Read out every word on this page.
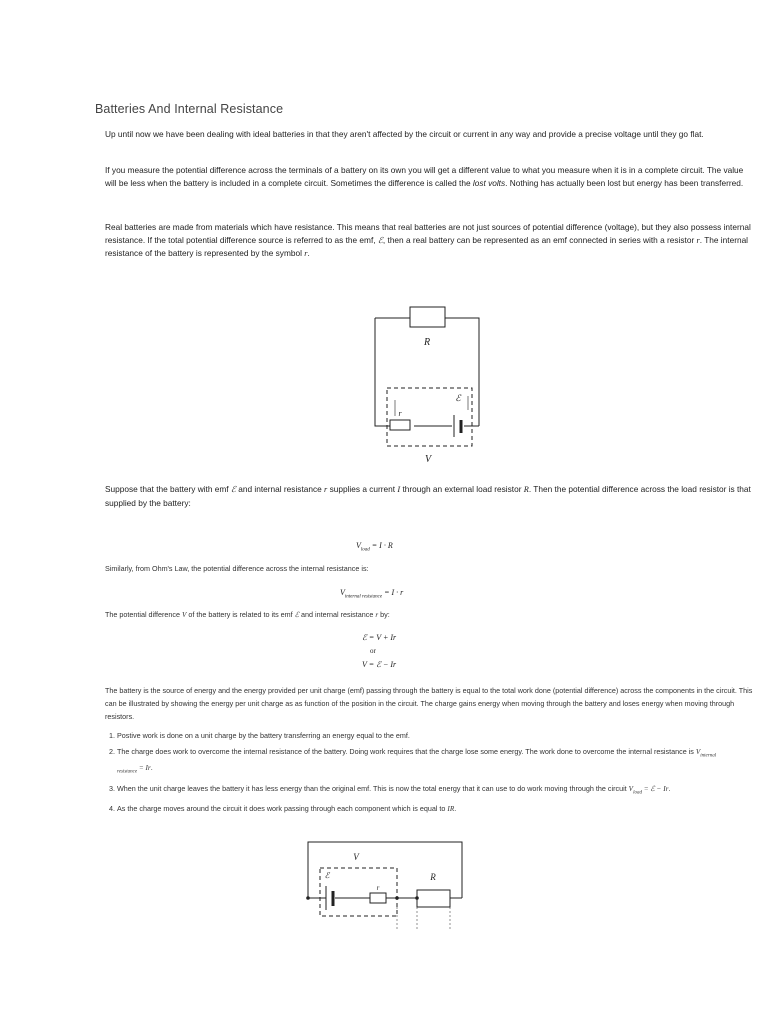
Batteries And Internal Resistance

Up until now we have been dealing with ideal batteries in that they aren't affected by the circuit or current in any way and provide a precise voltage until they go flat.

If you measure the potential difference across the terminals of a battery on its own you will get a different value to what you measure when it is in a complete circuit. The value will be less when the battery is included in a complete circuit. Sometimes the difference is called the lost volts. Nothing has actually been lost but energy has been transferred.

Real batteries are made from materials which have resistance. This means that real batteries are not just sources of potential difference (voltage), but they also possess internal resistance. If the total potential difference source is referred to as the emf, ℰ, then a real battery can be represented as an emf connected in series with a resistor r. The internal resistance of the battery is represented by the symbol r.

R
ℰ
r
V

Suppose that the battery with emf ℰ and internal resistance r supplies a current I through an external load resistor R. Then the potential difference across the load resistor is that supplied by the battery:

$V_{load} = I \cdot R$

Similarly, from Ohm's Law, the potential difference across the internal resistance is:

$V_{internal resistance} = I \cdot r$

The potential difference V of the battery is related to its emf ℰ and internal resistance r by:

ℰ = V + Ir
or
V = ℰ − Ir

The battery is the source of energy and the energy provided per unit charge (emf) passing through the battery is equal to the total work done (potential difference) across the components in the circuit. This can be illustrated by showing the energy per unit charge as as function of the position in the circuit. The charge gains energy when moving through the battery and loses energy when moving through resistors.

1. Postive work is done on a unit charge by the battery transferring an energy equal to the emf.
2. The charge does work to overcome the internal resistance of the battery. Doing work requires that the charge lose some energy. The work done to overcome the internal resistance is $V_{internal resistance} = Ir$.
3. When the unit charge leaves the battery it has less energy than the original emf. This is now the total energy that it can use to do work moving through the circuit $V_{load}$ = ℰ − Ir.
4. As the charge moves around the circuit it does work passing through each component which is equal to IR.
V
ℰ
r
R
